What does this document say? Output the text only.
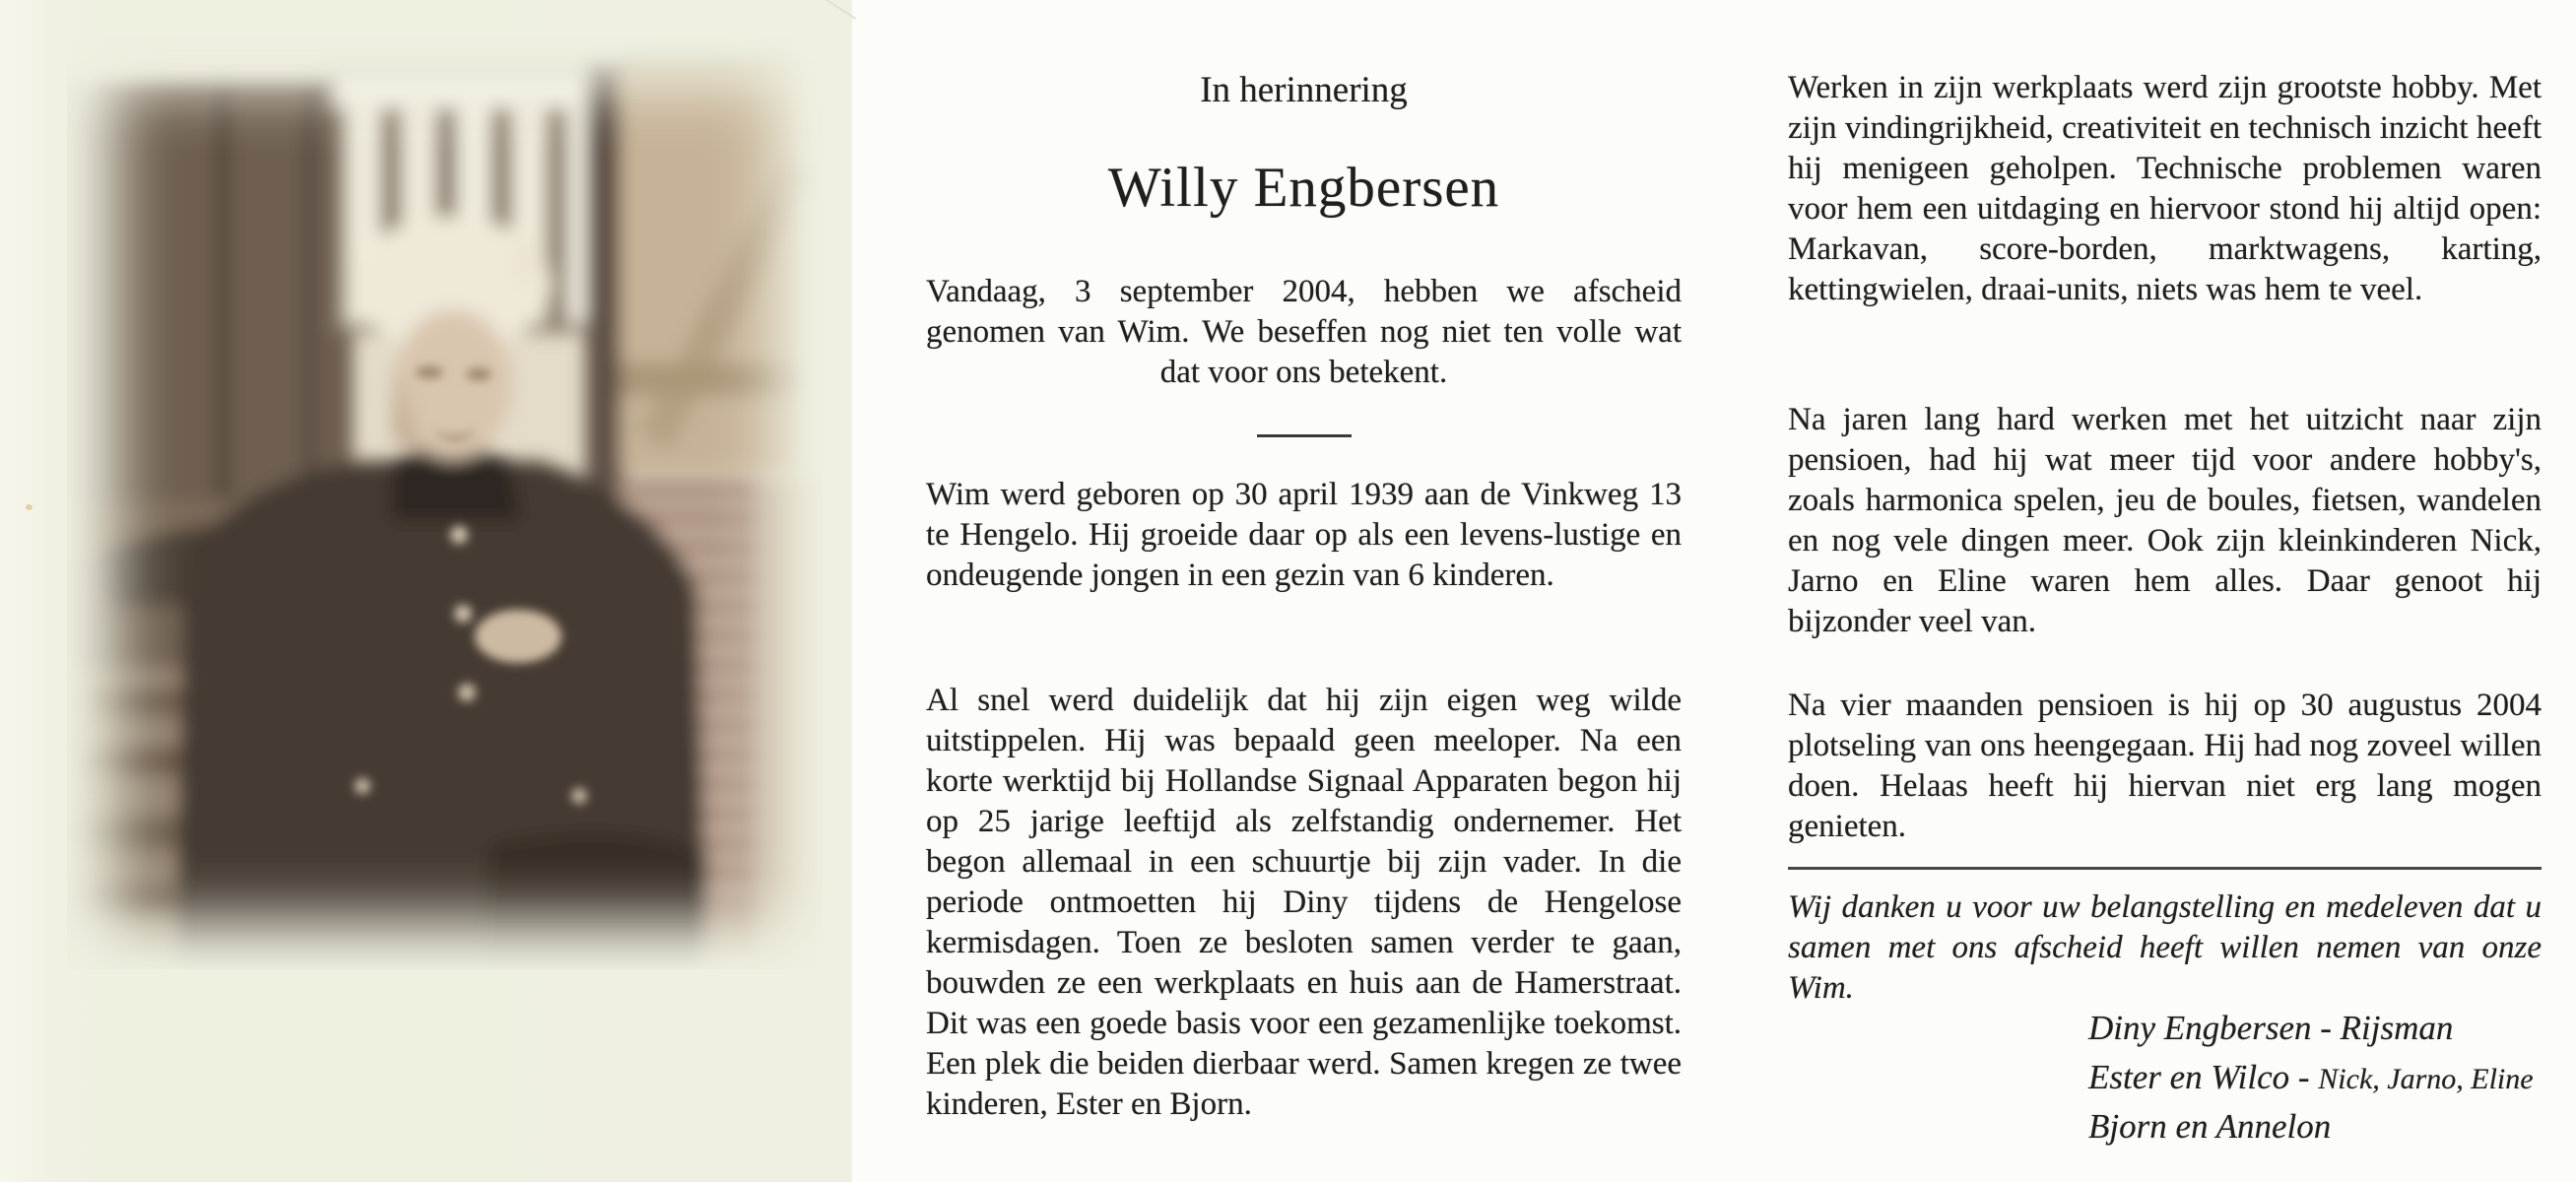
In herinnering
Willy Engbersen

Vandaag, 3 september 2004, hebben we afscheid genomen van Wim. We beseffen nog niet ten volle wat dat voor ons betekent.

Wim werd geboren op 30 april 1939 aan de Vinkweg 13 te Hengelo. Hij groeide daar op als een levens-lustige en ondeugende jongen in een gezin van 6 kinderen.

Al snel werd duidelijk dat hij zijn eigen weg wilde uitstippelen. Hij was bepaald geen meeloper. Na een korte werktijd bij Hollandse Signaal Apparaten begon hij op 25 jarige leeftijd als zelfstandig ondernemer. Het begon allemaal in een schuurtje bij zijn vader. In die periode ontmoetten hij Diny tijdens de Hengelose kermisdagen. Toen ze besloten samen verder te gaan, bouwden ze een werkplaats en huis aan de Hamerstraat. Dit was een goede basis voor een gezamenlijke toekomst. Een plek die beiden dierbaar werd. Samen kregen ze twee kinderen, Ester en Bjorn.

Werken in zijn werkplaats werd zijn grootste hobby. Met zijn vindingrijkheid, creativiteit en technisch inzicht heeft hij menigeen geholpen. Technische problemen waren voor hem een uitdaging en hiervoor stond hij altijd open: Markavan, score-borden, marktwagens, karting, kettingwielen, draai-units, niets was hem te veel.

Na jaren lang hard werken met het uitzicht naar zijn pensioen, had hij wat meer tijd voor andere hobby's, zoals harmonica spelen, jeu de boules, fietsen, wandelen en nog vele dingen meer. Ook zijn kleinkinderen Nick, Jarno en Eline waren hem alles. Daar genoot hij bijzonder veel van.

Na vier maanden pensioen is hij op 30 augustus 2004 plotseling van ons heengegaan. Hij had nog zoveel willen doen. Helaas heeft hij hiervan niet erg lang mogen genieten.

Wij danken u voor uw belangstelling en medeleven dat u samen met ons afscheid heeft willen nemen van onze Wim.

Diny Engbersen - Rijsman
Ester en Wilco - Nick, Jarno, Eline
Bjorn en Annelon
